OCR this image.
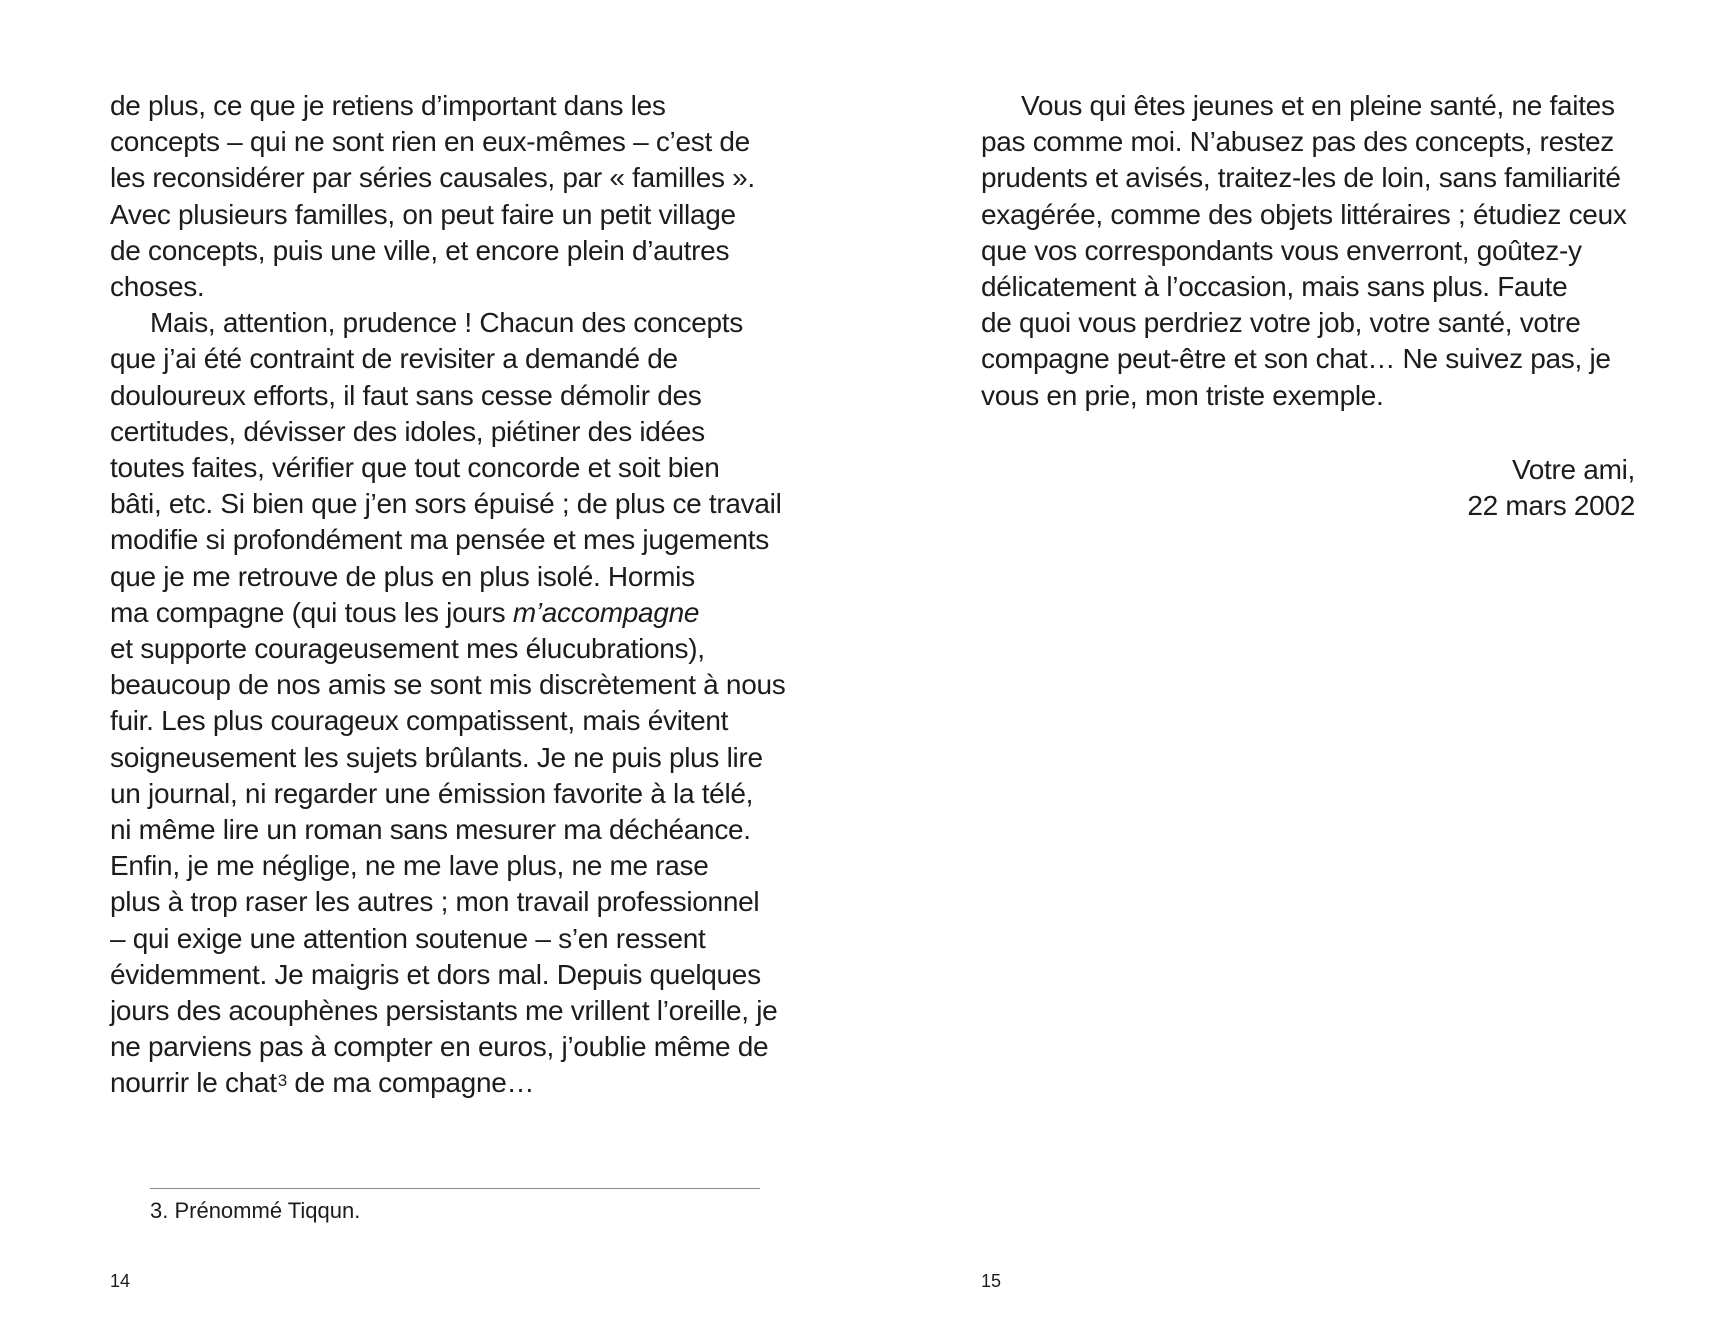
de plus, ce que je retiens d’important dans les
concepts – qui ne sont rien en eux-mêmes – c’est de
les reconsidérer par séries causales, par « familles ».
Avec plusieurs familles, on peut faire un petit village
de concepts, puis une ville, et encore plein d’autres
choses.
Mais, attention, prudence ! Chacun des concepts
que j’ai été contraint de revisiter a demandé de
douloureux efforts, il faut sans cesse démolir des
certitudes, dévisser des idoles, piétiner des idées
toutes faites, vérifier que tout concorde et soit bien
bâti, etc. Si bien que j’en sors épuisé ; de plus ce travail
modifie si profondément ma pensée et mes jugements
que je me retrouve de plus en plus isolé. Hormis
ma compagne (qui tous les jours m’accompagne
et supporte courageusement mes élucubrations),
beaucoup de nos amis se sont mis discrètement à nous
fuir. Les plus courageux compatissent, mais évitent
soigneusement les sujets brûlants. Je ne puis plus lire
un journal, ni regarder une émission favorite à la télé,
ni même lire un roman sans mesurer ma déchéance.
Enfin, je me néglige, ne me lave plus, ne me rase
plus à trop raser les autres ; mon travail professionnel
– qui exige une attention soutenue – s’en ressent
évidemment. Je maigris et dors mal. Depuis quelques
jours des acouphènes persistants me vrillent l’oreille, je
ne parviens pas à compter en euros, j’oublie même de
nourrir le chat$^3$ de ma compagne…
3. Prénommé Tiqqun.
14
Vous qui êtes jeunes et en pleine santé, ne faites
pas comme moi. N’abusez pas des concepts, restez
prudents et avisés, traitez-les de loin, sans familiarité
exagérée, comme des objets littéraires ; étudiez ceux
que vos correspondants vous enverront, goûtez-y
délicatement à l’occasion, mais sans plus. Faute
de quoi vous perdriez votre job, votre santé, votre
compagne peut-être et son chat… Ne suivez pas, je
vous en prie, mon triste exemple.
Votre ami,
22 mars 2002
15
